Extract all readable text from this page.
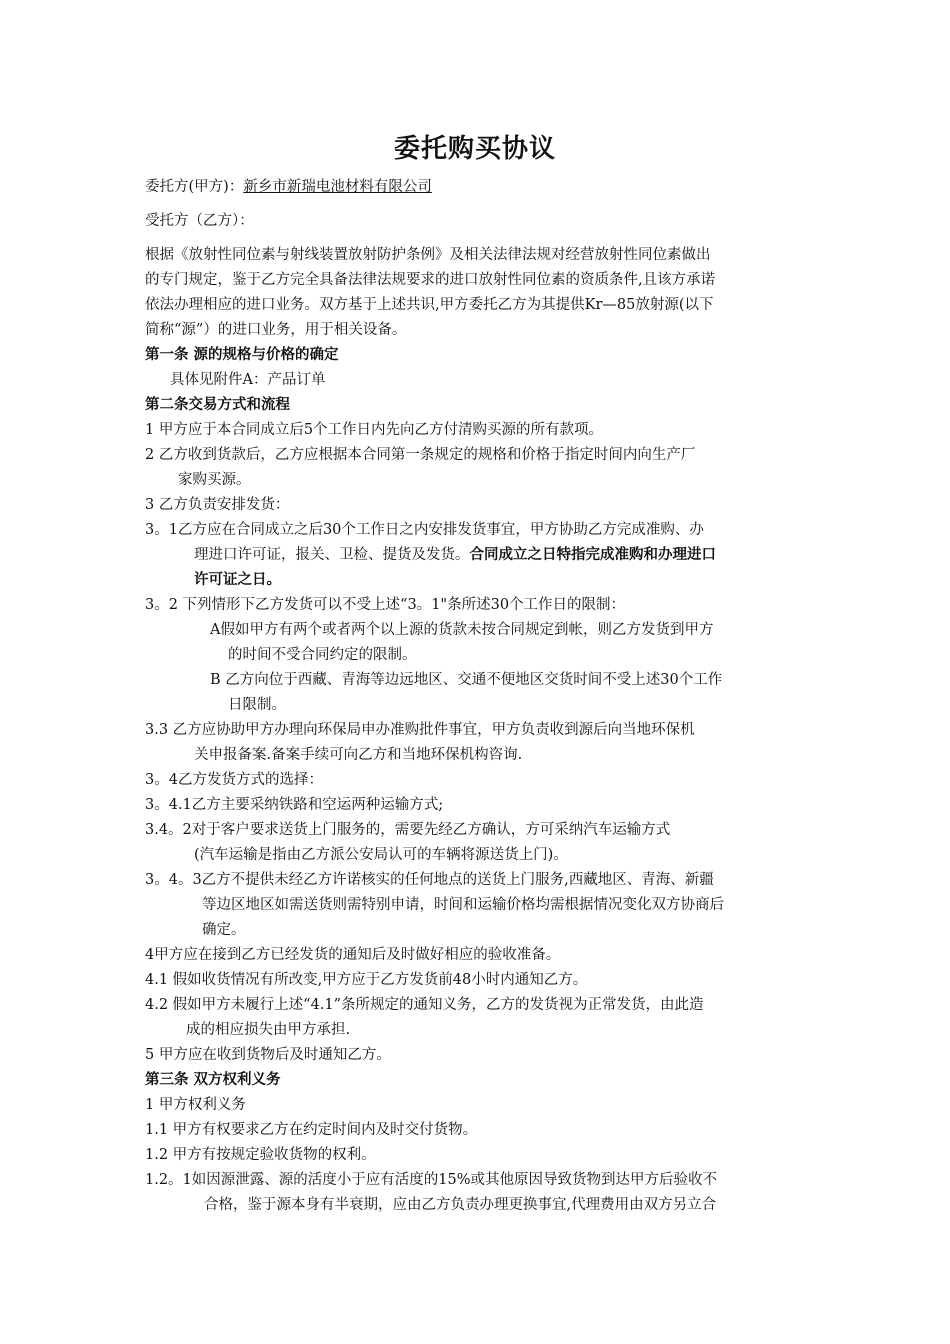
委托购买协议
委托方(甲方)：新乡市新瑞电池材料有限公司
受托方（乙方）：
根据《放射性同位素与射线装置放射防护条例》及相关法律法规对经营放射性同位素做出
的专门规定，鉴于乙方完全具备法律法规要求的进口放射性同位素的资质条件,且该方承诺
依法办理相应的进口业务。双方基于上述共识,甲方委托乙方为其提供Kr—85放射源(以下
简称“源”）的进口业务，用于相关设备。
第一条 源的规格与价格的确定
具体见附件A：产品订单
第二条交易方式和流程
1 甲方应于本合同成立后5个工作日内先向乙方付清购买源的所有款项。
2 乙方收到货款后，乙方应根据本合同第一条规定的规格和价格于指定时间内向生产厂
家购买源。
3 乙方负责安排发货：
3。1乙方应在合同成立之后30个工作日之内安排发货事宜，甲方协助乙方完成准购、办
理进口许可证，报关、卫检、提货及发货。合同成立之日特指完成准购和办理进口
许可证之日。
3。2 下列情形下乙方发货可以不受上述“3。1"条所述30个工作日的限制：
A假如甲方有两个或者两个以上源的货款未按合同规定到帐，则乙方发货到甲方
的时间不受合同约定的限制。
B 乙方向位于西藏、青海等边远地区、交通不便地区交货时间不受上述30个工作
日限制。
3.3 乙方应协助甲方办理向环保局申办准购批件事宜，甲方负责收到源后向当地环保机
关申报备案.备案手续可向乙方和当地环保机构咨询.
3。4乙方发货方式的选择：
3。4.1乙方主要采纳铁路和空运两种运输方式;
3.4。2对于客户要求送货上门服务的，需要先经乙方确认，方可采纳汽车运输方式
(汽车运输是指由乙方派公安局认可的车辆将源送货上门)。
3。4。3乙方不提供未经乙方许诺核实的任何地点的送货上门服务,西藏地区、青海、新疆
等边区地区如需送货则需特别申请，时间和运输价格均需根据情况变化双方协商后
确定。
4甲方应在接到乙方已经发货的通知后及时做好相应的验收准备。
4.1 假如收货情况有所改变,甲方应于乙方发货前48小时内通知乙方。
4.2 假如甲方未履行上述“4.1”条所规定的通知义务，乙方的发货视为正常发货，由此造
成的相应损失由甲方承担.
5 甲方应在收到货物后及时通知乙方。
第三条 双方权利义务
1 甲方权利义务
1.1 甲方有权要求乙方在约定时间内及时交付货物。
1.2 甲方有按规定验收货物的权利。
1.2。1如因源泄露、源的活度小于应有活度的15%或其他原因导致货物到达甲方后验收不
合格，鉴于源本身有半衰期，应由乙方负责办理更换事宜,代理费用由双方另立合
